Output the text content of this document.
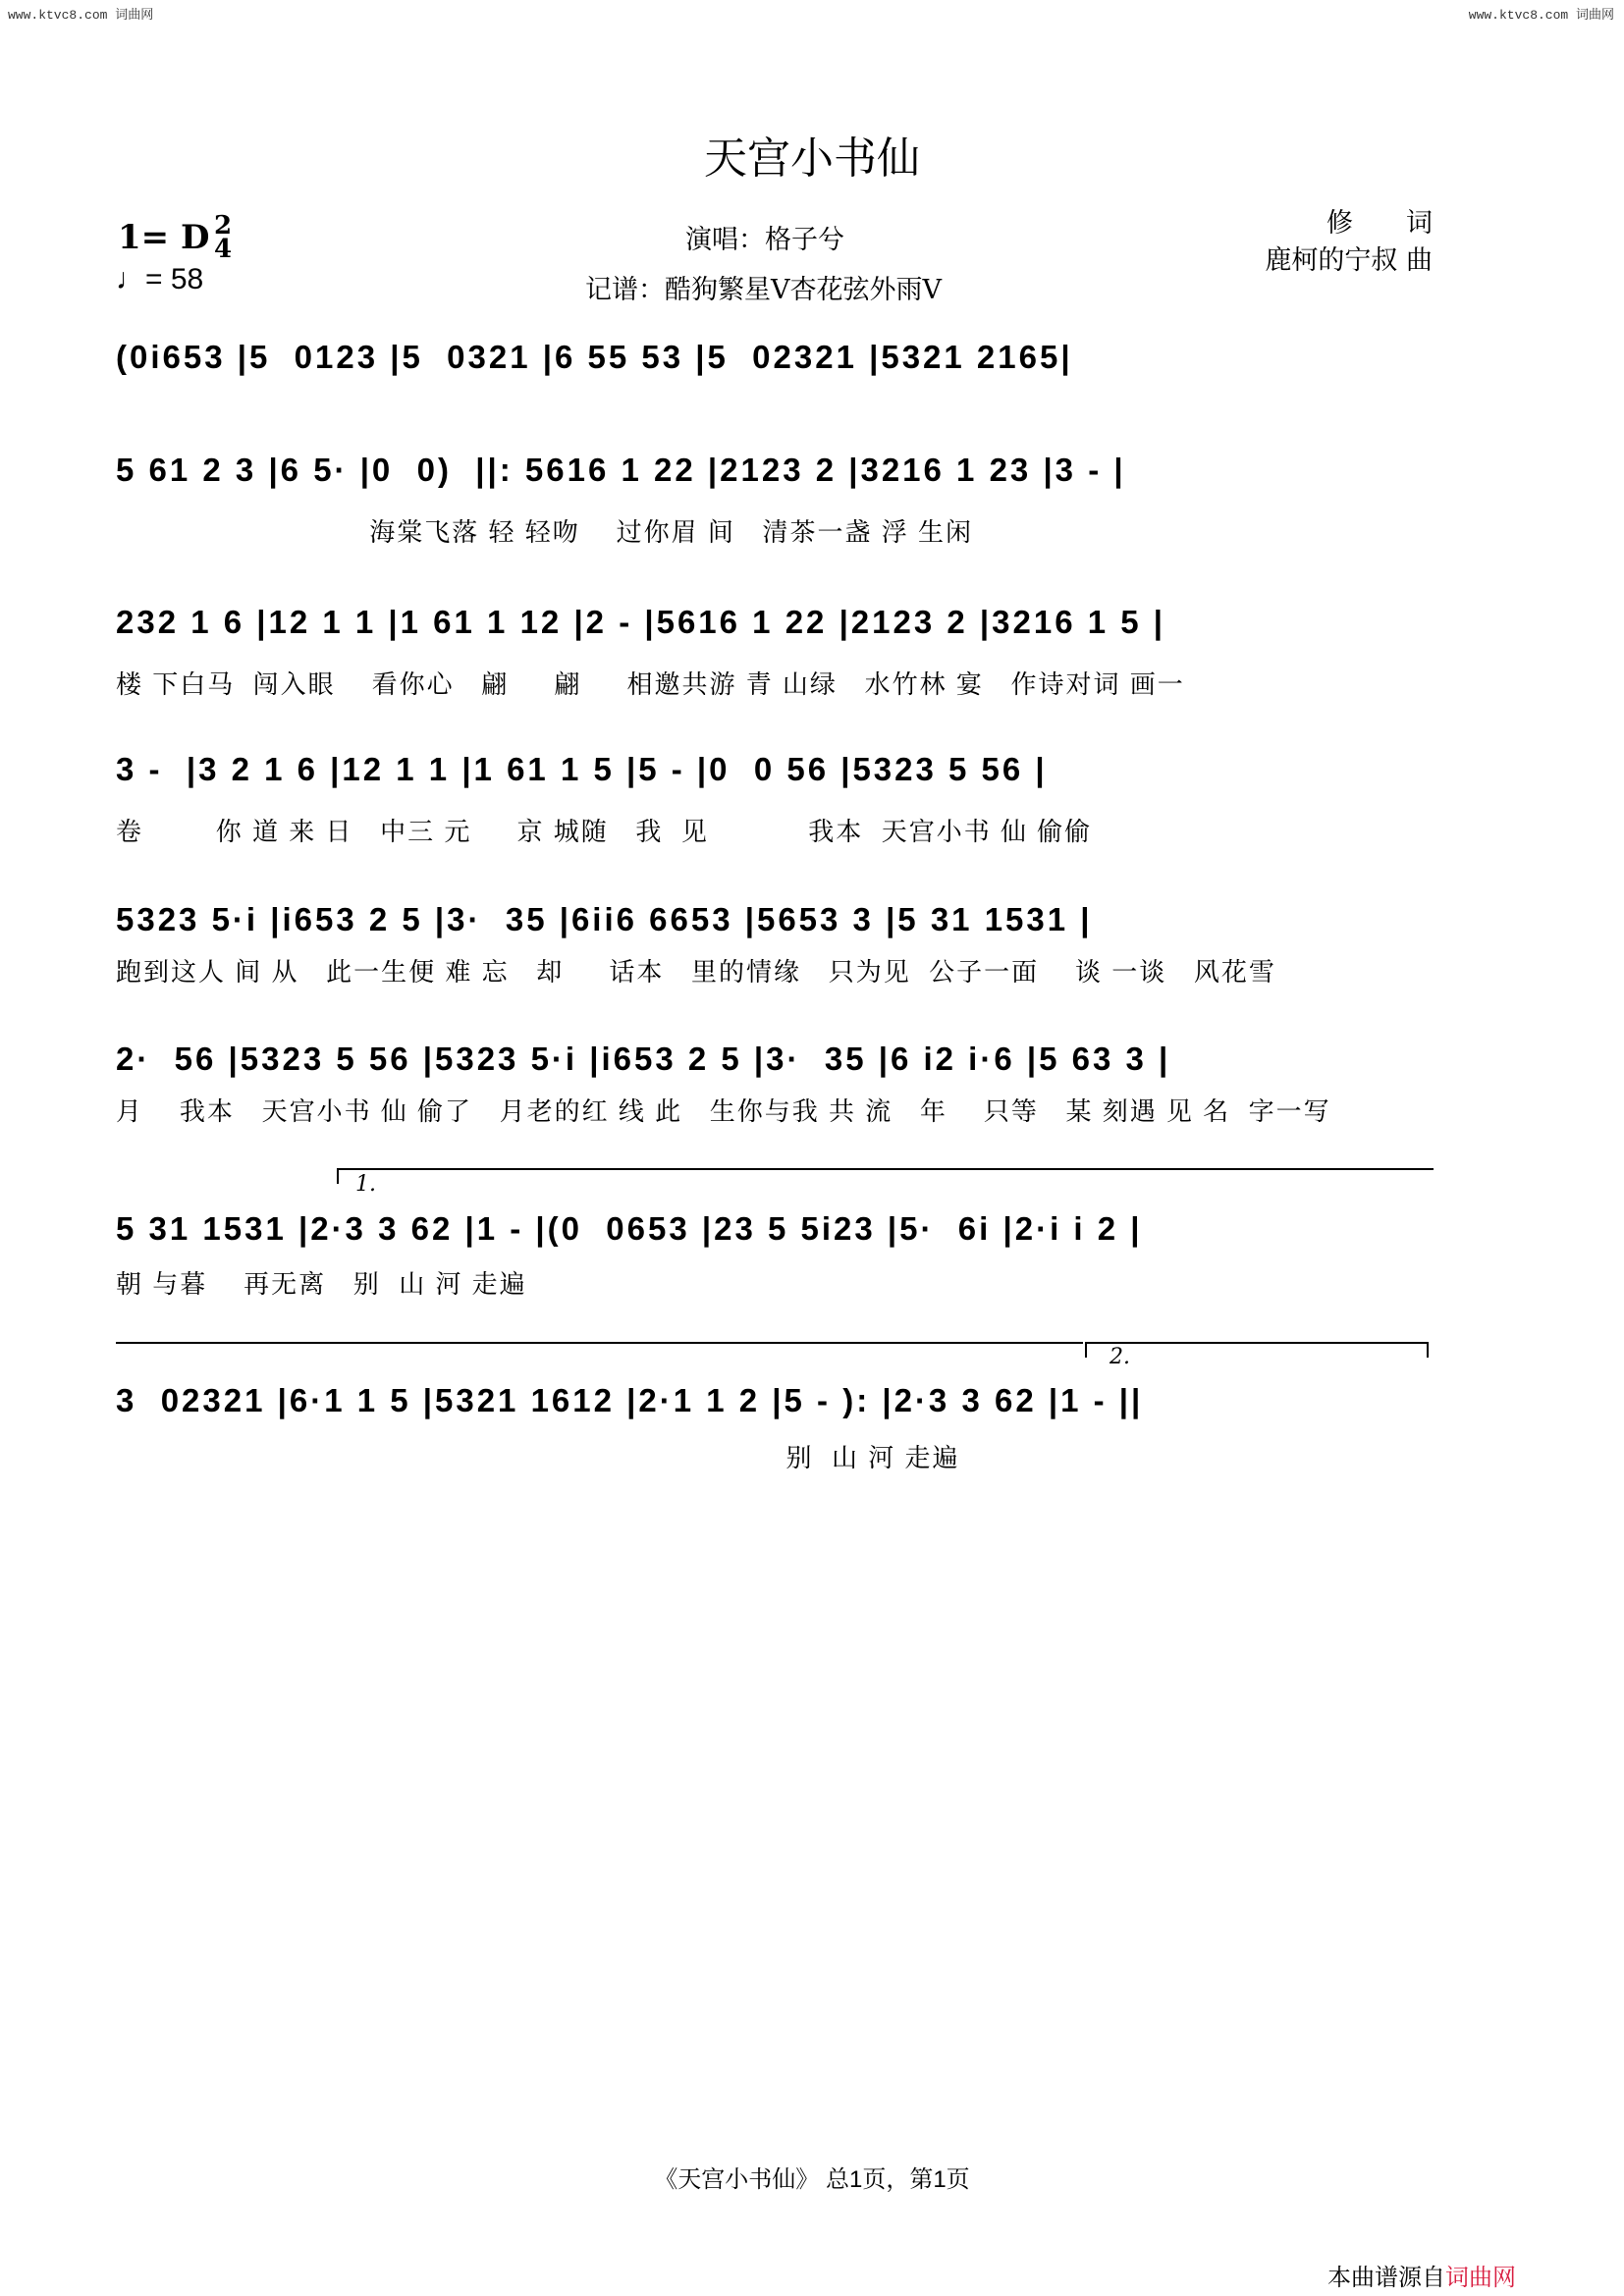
www.ktvc8.com 词曲网	www.ktvc8.com 词曲网
天宫小书仙
1= D 2
4
♩= 58
演唱：格子兮
记谱：酷狗繁星V杏花弦外雨V
修　　词
鹿柯的宁叔 曲
(0i653 |5  0123 |5  0321 |6 55 53 |5  02321 |5321 2165|
5 61 2 3 |6 5· |0  0)  ||: 5616 1 22 |2123 2 |3216 1 23 |3 - |
海棠飞落 轻 轻吻    过你眉 间   清茶一盏 浮 生闲
232 1 6 |12 1 1 |1 61 1 12 |2 - |5616 1 22 |2123 2 |3216 1 5 |
楼 下白马  闯入眼    看你心   翩     翩     相邀共游 青 山绿   水竹林 宴   作诗对词 画一
3 -  |3 2 1 6 |12 1 1 |1 61 1 5 |5 - |0  0 56 |5323 5 56 |
卷        你 道 来 日   中三 元     京 城随   我  见           我本  天宫小书 仙 偷偷
5323 5·i |i653 2 5 |3·  35 |6ii6 6653 |5653 3 |5 31 1531 |
跑到这人 间 从   此一生便 难 忘   却     话本   里的情缘   只为见  公子一面    谈 一谈   风花雪
2·  56 |5323 5 56 |5323 5·i |i653 2 5 |3·  35 |6 i2 i·6 |5 63 3 |
月    我本   天宫小书 仙 偷了   月老的红 线 此   生你与我 共 流   年    只等   某 刻遇 见 名  字一写
1.
5 31 1531 |2·3 3 62 |1 - |(0  0653 |23 5 5i23 |5·  6i |2·i i 2 |
朝 与暮    再无离   别  山 河 走遍
2.
3  02321 |6·1 1 5 |5321 1612 |2·1 1 2 |5 - ): |2·3 3 62 |1 - ||
别  山 河 走遍
《天宫小书仙》 总1页，第1页
本曲谱源自词曲网
